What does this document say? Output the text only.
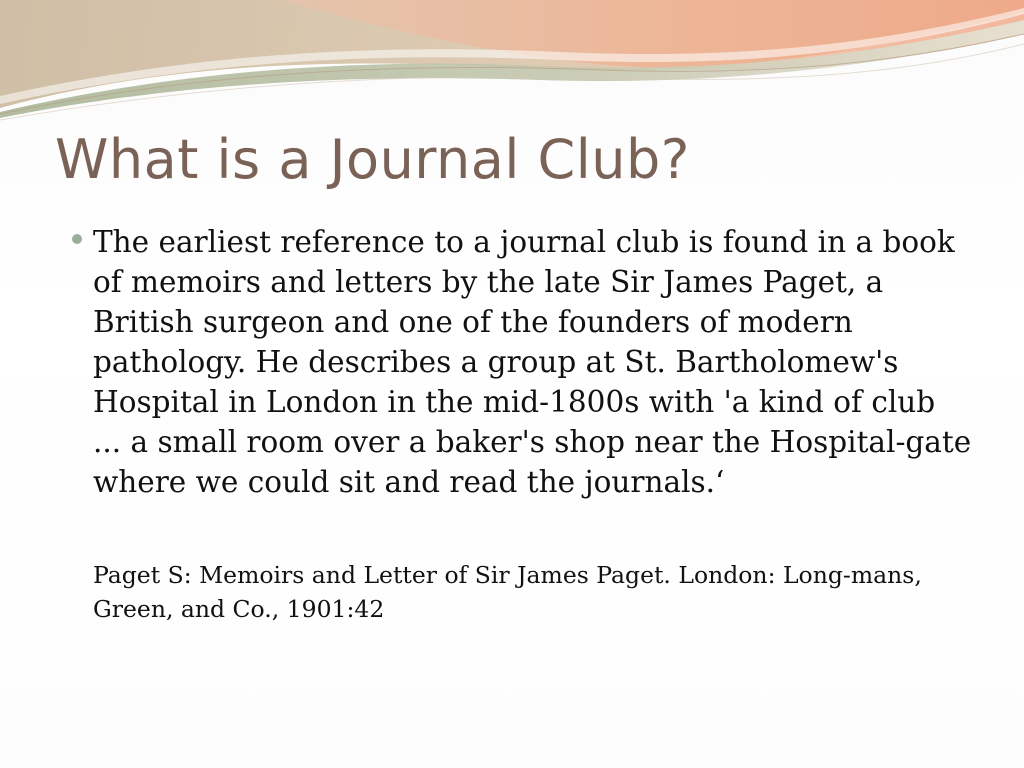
What is a Journal Club?

The earliest reference to a journal club is found in a book of memoirs and letters by the late Sir James Paget, a British surgeon and one of the founders of modern pathology. He describes a group at St. Bartholomew's Hospital in London in the mid-1800s with 'a kind of club ... a small room over a baker's shop near the Hospital-gate where we could sit and read the journals.‘

Paget S: Memoirs and Letter of Sir James Paget. London: Long-mans, Green, and Co., 1901:42
